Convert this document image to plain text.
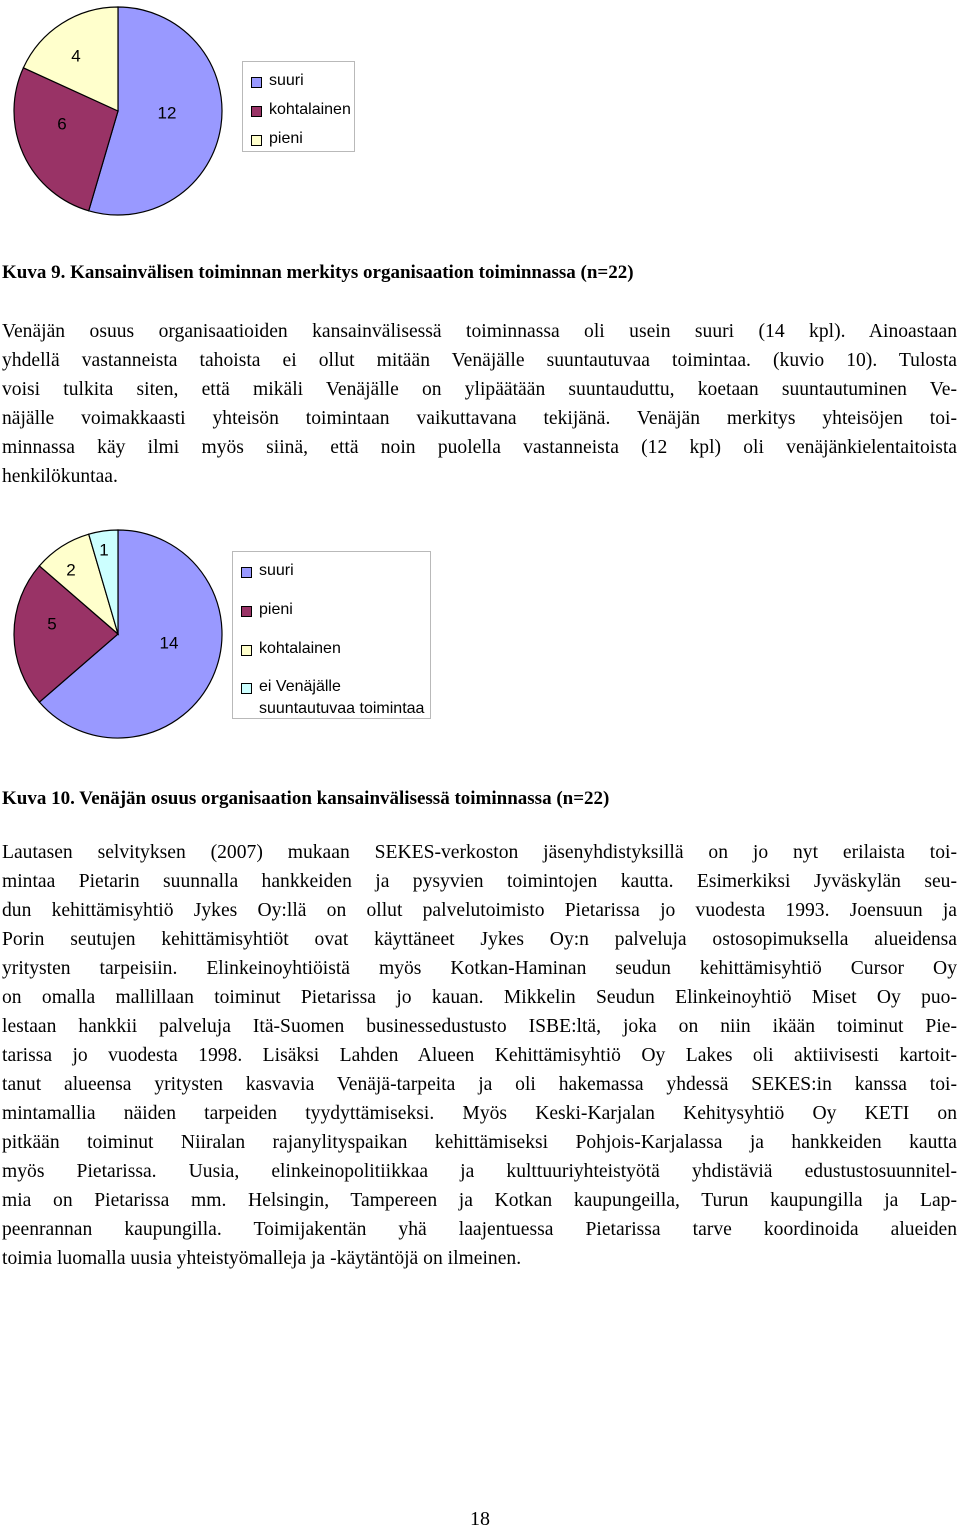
12
6
4
suuri
kohtalainen
pieni
Kuva 9. Kansainvälisen toiminnan merkitys organisaation toiminnassa (n=22)
Venäjän osuus organisaatioiden kansainvälisessä toiminnassa oli usein suuri (14 kpl). Ainoastaan
yhdellä vastanneista tahoista ei ollut mitään Venäjälle suuntautuvaa toimintaa. (kuvio 10). Tulosta
voisi tulkita siten, että mikäli Venäjälle on ylipäätään suuntauduttu, koetaan suuntautuminen Ve-
näjälle voimakkaasti yhteisön toimintaan vaikuttavana tekijänä. Venäjän merkitys yhteisöjen toi-
minnassa käy ilmi myös siinä, että noin puolella vastanneista (12 kpl) oli venäjänkielentaitoista
henkilökuntaa.
14
5
2
1
suuri
pieni
kohtalainen
ei Venäjälle
suuntautuvaa toimintaa
Kuva 10. Venäjän osuus organisaation kansainvälisessä toiminnassa (n=22)
Lautasen selvityksen (2007) mukaan SEKES-verkoston jäsenyhdistyksillä on jo nyt erilaista toi-
mintaa Pietarin suunnalla hankkeiden ja pysyvien toimintojen kautta. Esimerkiksi Jyväskylän seu-
dun kehittämisyhtiö Jykes Oy:llä on ollut palvelutoimisto Pietarissa jo vuodesta 1993. Joensuun ja
Porin seutujen kehittämisyhtiöt ovat käyttäneet Jykes Oy:n palveluja ostosopimuksella alueidensa
yritysten tarpeisiin. Elinkeinoyhtiöistä myös Kotkan-Haminan seudun kehittämisyhtiö Cursor Oy
on omalla mallillaan toiminut Pietarissa jo kauan. Mikkelin Seudun Elinkeinoyhtiö Miset Oy puo-
lestaan hankkii palveluja Itä-Suomen businessedustusto ISBE:ltä, joka on niin ikään toiminut Pie-
tarissa jo vuodesta 1998. Lisäksi Lahden Alueen Kehittämisyhtiö Oy Lakes oli aktiivisesti kartoit-
tanut alueensa yritysten kasvavia Venäjä-tarpeita ja oli hakemassa yhdessä SEKES:in kanssa toi-
mintamallia näiden tarpeiden tyydyttämiseksi. Myös Keski-Karjalan Kehitysyhtiö Oy KETI on
pitkään toiminut Niiralan rajanylityspaikan kehittämiseksi Pohjois-Karjalassa ja hankkeiden kautta
myös Pietarissa. Uusia, elinkeinopolitiikkaa ja kulttuuriyhteistyötä yhdistäviä edustustosuunnitel-
mia on Pietarissa mm. Helsingin, Tampereen ja Kotkan kaupungeilla, Turun kaupungilla ja Lap-
peenrannan kaupungilla. Toimijakentän yhä laajentuessa Pietarissa tarve koordinoida alueiden
toimia luomalla uusia yhteistyömalleja ja -käytäntöjä on ilmeinen.
18
